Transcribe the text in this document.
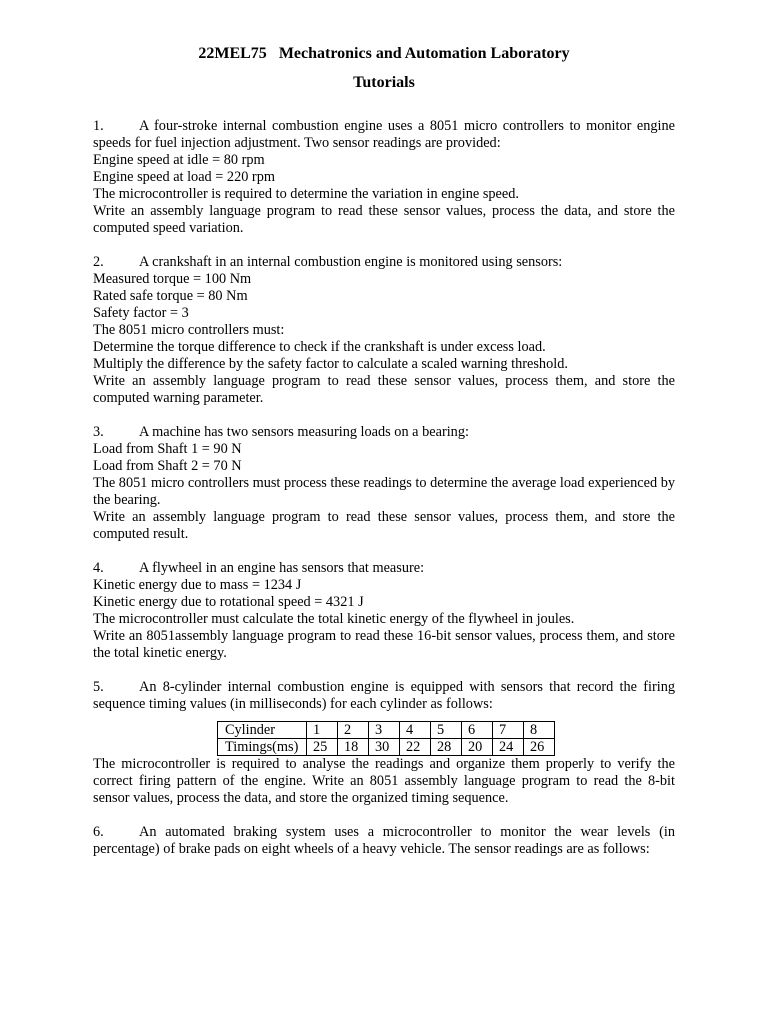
22MEL75 Mechatronics and Automation Laboratory
Tutorials

1. A four-stroke internal combustion engine uses a 8051 micro controllers to monitor engine speeds for fuel injection adjustment. Two sensor readings are provided:

Engine speed at idle = 80 rpm

Engine speed at load = 220 rpm

The microcontroller is required to determine the variation in engine speed.

Write an assembly language program to read these sensor values, process the data, and store the computed speed variation.

2. A crankshaft in an internal combustion engine is monitored using sensors:

Measured torque = 100 Nm

Rated safe torque = 80 Nm

Safety factor = 3

The 8051 micro controllers must:

Determine the torque difference to check if the crankshaft is under excess load.

Multiply the difference by the safety factor to calculate a scaled warning threshold.

Write an assembly language program to read these sensor values, process them, and store the computed warning parameter.

3. A machine has two sensors measuring loads on a bearing:

Load from Shaft 1 = 90 N

Load from Shaft 2 = 70 N

The 8051 micro controllers must process these readings to determine the average load experienced by the bearing.

Write an assembly language program to read these sensor values, process them, and store the computed result.

4. A flywheel in an engine has sensors that measure:

Kinetic energy due to mass = 1234 J

Kinetic energy due to rotational speed = 4321 J

The microcontroller must calculate the total kinetic energy of the flywheel in joules.

Write an 8051assembly language program to read these 16-bit sensor values, process them, and store the total kinetic energy.

5. An 8-cylinder internal combustion engine is equipped with sensors that record the firing sequence timing values (in milliseconds) for each cylinder as follows:

Cylinder	1	2	3	4	5	6	7	8
Timings(ms)	25	18	30	22	28	20	24	26

The microcontroller is required to analyse the readings and organize them properly to verify the correct firing pattern of the engine. Write an 8051 assembly language program to read the 8-bit sensor values, process the data, and store the organized timing sequence.

6. An automated braking system uses a microcontroller to monitor the wear levels (in percentage) of brake pads on eight wheels of a heavy vehicle. The sensor readings are as follows:
